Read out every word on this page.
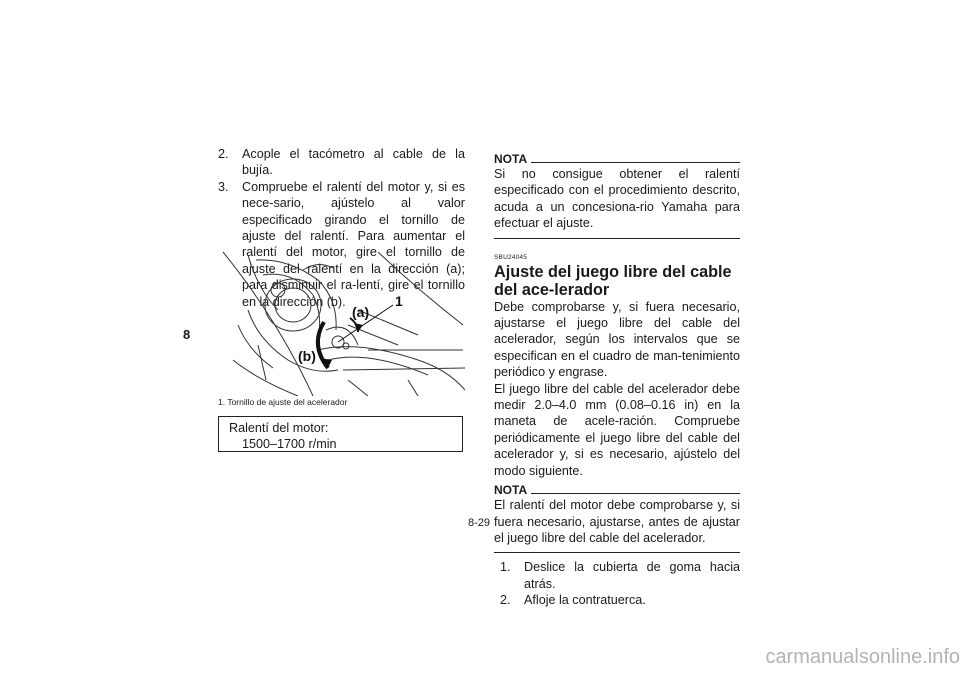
8
2.	Acople el tacómetro al cable de la bujía.
3.	Compruebe el ralentí del motor y, si es nece-sario, ajústelo al valor especificado girando el tornillo de ajuste del ralentí. Para aumentar el ralentí del motor, gire el tornillo de ajuste del ralentí en la dirección (a); para disminuir el ra-lentí, gire el tornillo en la dirección (b).
(a)
(b)
1
1. Tornillo de ajuste del acelerador
Ralentí del motor:
1500–1700 r/min
NOTA
Si no consigue obtener el ralentí especificado con el procedimiento descrito, acuda a un concesiona-rio Yamaha para efectuar el ajuste.
SBU24045
Ajuste del juego libre del cable del ace-lerador
Debe comprobarse y, si fuera necesario, ajustarse el juego libre del cable del acelerador, según los intervalos que se especifican en el cuadro de man-tenimiento periódico y engrase.
El juego libre del cable del acelerador debe medir 2.0–4.0 mm (0.08–0.16 in) en la maneta de acele-ración. Compruebe periódicamente el juego libre del cable del acelerador y, si es necesario, ajústelo del modo siguiente.
NOTA
El ralentí del motor debe comprobarse y, si fuera necesario, ajustarse, antes de ajustar el juego libre del cable del acelerador.
1.	Deslice la cubierta de goma hacia atrás.
2.	Afloje la contratuerca.
8-29
carmanualsonline.info
